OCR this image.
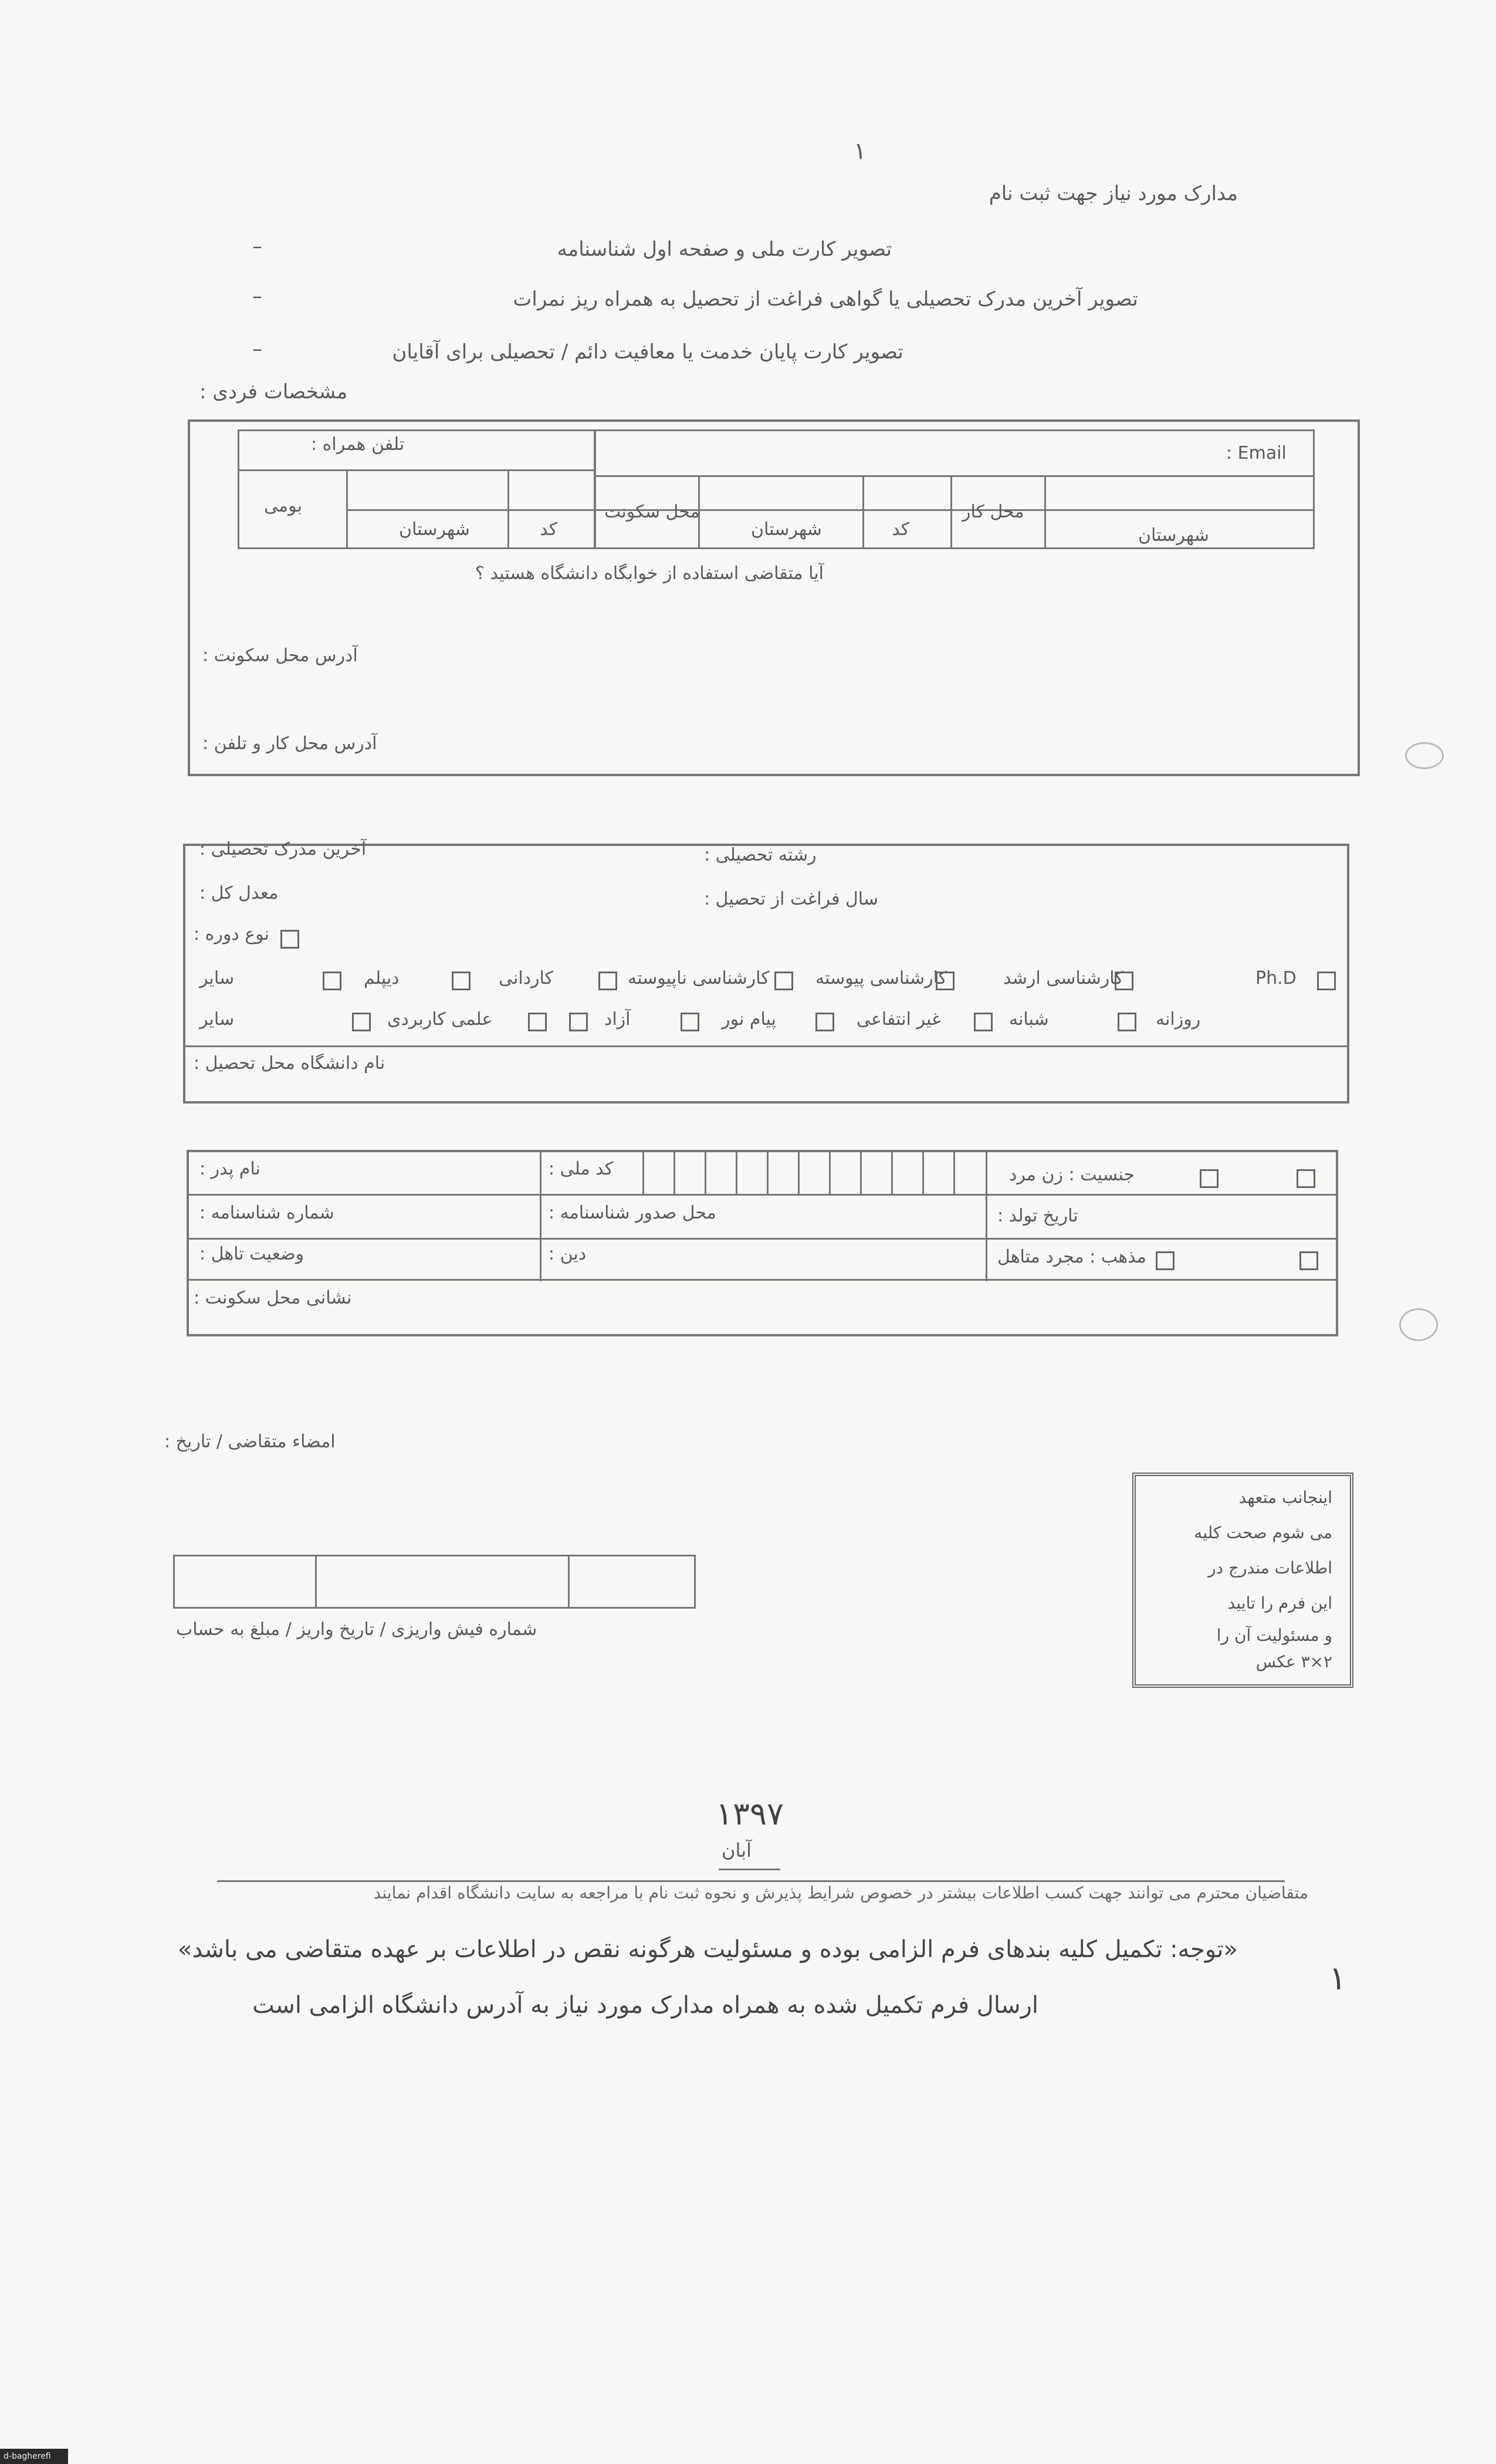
١
مدارک مورد نیاز جهت ثبت نام
تصویر کارت ملی و صفحه اول شناسنامه
–
تصویر آخرین مدرک تحصیلی یا گواهی فراغت از تحصیل به همراه ریز نمرات
–
تصویر کارت پایان خدمت یا معافیت دائم / تحصیلی برای آقایان
–
مشخصات فردی :
Email :
تلفن همراه :
بومی	محل سکونت	محل کار
شهرستان	کد	شهرستان	کد	شهرستان
آیا متقاضی استفاده از خوابگاه دانشگاه هستید ؟
آدرس محل سکونت :
آدرس محل کار و تلفن :
آخرین مدرک تحصیلی :	رشته تحصیلی :
معدل کل :	سال فراغت از تحصیل :
نوع دوره :
Ph.D
کارشناسی ارشد
کارشناسی پیوسته
کارشناسی ناپیوسته
کاردانی
دیپلم
سایر
روزانه
شبانه
غیر انتفاعی
پیام نور
آزاد
علمی کاربردی
سایر
نام دانشگاه محل تحصیل :
نام پدر :	کد ملی :	جنسیت : زن مرد
شماره شناسنامه :	محل صدور شناسنامه :	تاریخ تولد :
وضعیت تاهل :	دین :	مذهب : مجرد متاهل
نشانی محل سکونت :
امضاء متقاضی / تاریخ :
شماره فیش واریزی / تاریخ واریز / مبلغ به حساب
اینجانب متعهد
می شوم صحت کلیه
اطلاعات مندرج در
این فرم را تایید
و مسئولیت آن را
٢×٣ عکس
١٣٩٧
آبان
متقاضیان محترم می توانند جهت کسب اطلاعات بیشتر در خصوص شرایط پذیرش و نحوه ثبت نام با مراجعه به سایت دانشگاه اقدام نمایند
«توجه: تکمیل کلیه بندهای فرم الزامی بوده و مسئولیت هرگونه نقص در اطلاعات بر عهده متقاضی می باشد»
ارسال فرم تکمیل شده به همراه مدارک مورد نیاز به آدرس دانشگاه الزامی است
١
d-bagherefi
